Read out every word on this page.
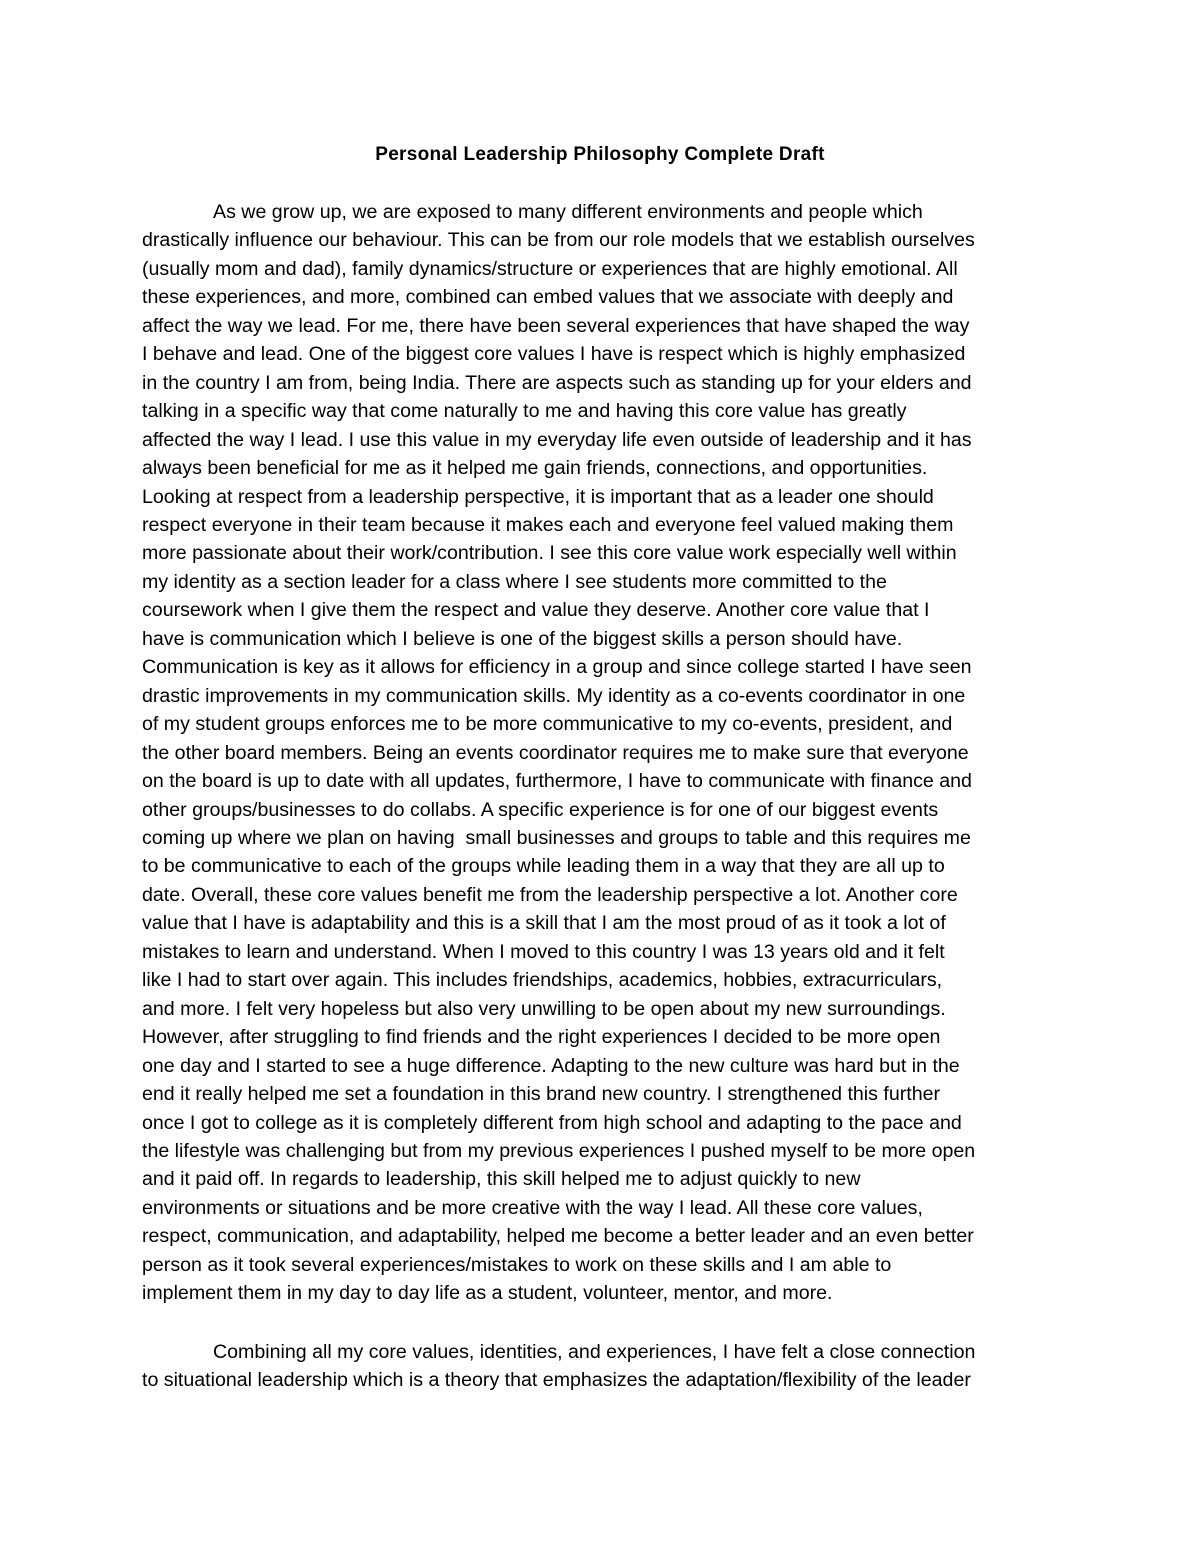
Personal Leadership Philosophy Complete Draft

As we grow up, we are exposed to many different environments and people which
drastically influence our behaviour. This can be from our role models that we establish ourselves
(usually mom and dad), family dynamics/structure or experiences that are highly emotional. All
these experiences, and more, combined can embed values that we associate with deeply and
affect the way we lead. For me, there have been several experiences that have shaped the way
I behave and lead. One of the biggest core values I have is respect which is highly emphasized
in the country I am from, being India. There are aspects such as standing up for your elders and
talking in a specific way that come naturally to me and having this core value has greatly
affected the way I lead. I use this value in my everyday life even outside of leadership and it has
always been beneficial for me as it helped me gain friends, connections, and opportunities.
Looking at respect from a leadership perspective, it is important that as a leader one should
respect everyone in their team because it makes each and everyone feel valued making them
more passionate about their work/contribution. I see this core value work especially well within
my identity as a section leader for a class where I see students more committed to the
coursework when I give them the respect and value they deserve. Another core value that I
have is communication which I believe is one of the biggest skills a person should have.
Communication is key as it allows for efficiency in a group and since college started I have seen
drastic improvements in my communication skills. My identity as a co-events coordinator in one
of my student groups enforces me to be more communicative to my co-events, president, and
the other board members. Being an events coordinator requires me to make sure that everyone
on the board is up to date with all updates, furthermore, I have to communicate with finance and
other groups/businesses to do collabs. A specific experience is for one of our biggest events
coming up where we plan on having  small businesses and groups to table and this requires me
to be communicative to each of the groups while leading them in a way that they are all up to
date. Overall, these core values benefit me from the leadership perspective a lot. Another core
value that I have is adaptability and this is a skill that I am the most proud of as it took a lot of
mistakes to learn and understand. When I moved to this country I was 13 years old and it felt
like I had to start over again. This includes friendships, academics, hobbies, extracurriculars,
and more. I felt very hopeless but also very unwilling to be open about my new surroundings.
However, after struggling to find friends and the right experiences I decided to be more open
one day and I started to see a huge difference. Adapting to the new culture was hard but in the
end it really helped me set a foundation in this brand new country. I strengthened this further
once I got to college as it is completely different from high school and adapting to the pace and
the lifestyle was challenging but from my previous experiences I pushed myself to be more open
and it paid off. In regards to leadership, this skill helped me to adjust quickly to new
environments or situations and be more creative with the way I lead. All these core values,
respect, communication, and adaptability, helped me become a better leader and an even better
person as it took several experiences/mistakes to work on these skills and I am able to
implement them in my day to day life as a student, volunteer, mentor, and more.

Combining all my core values, identities, and experiences, I have felt a close connection
to situational leadership which is a theory that emphasizes the adaptation/flexibility of the leader
